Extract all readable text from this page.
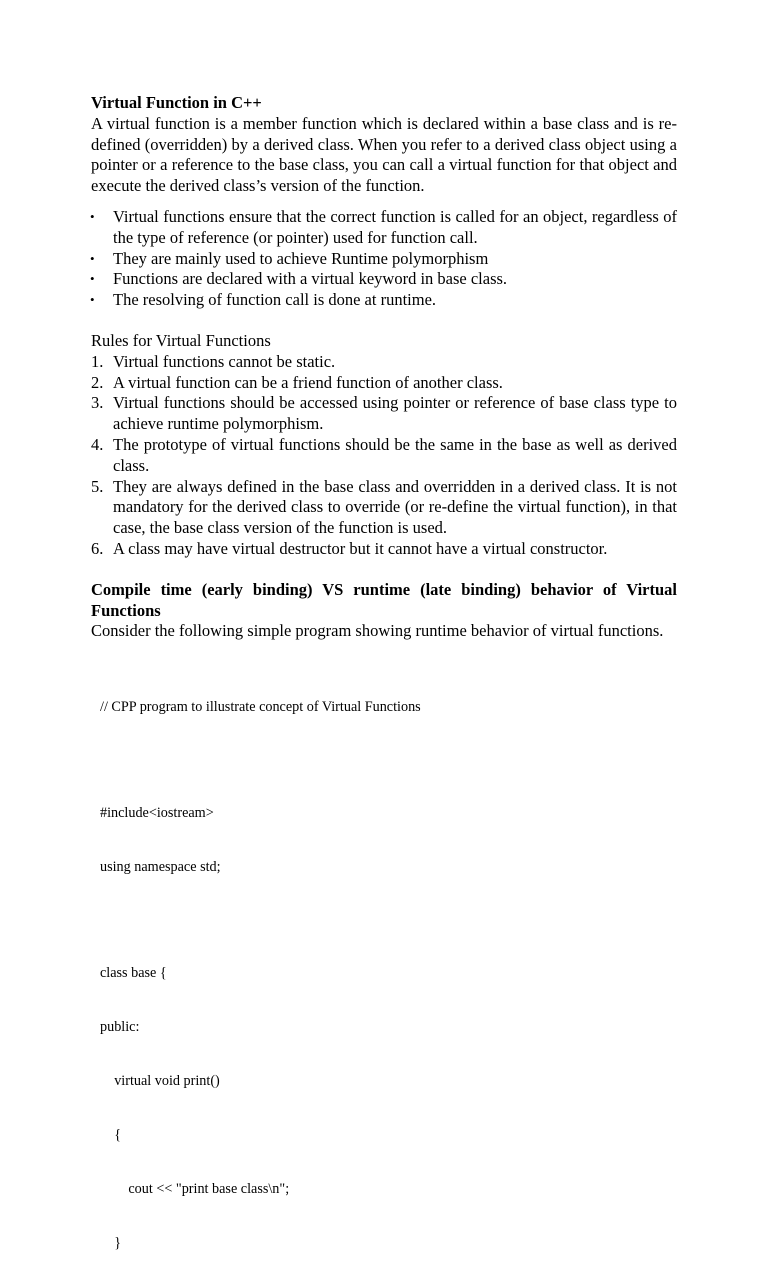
Virtual Function in C++

A virtual function is a member function which is declared within a base class and is re-defined (overridden) by a derived class. When you refer to a derived class object using a pointer or a reference to the base class, you can call a virtual function for that object and execute the derived class’s version of the function.

• Virtual functions ensure that the correct function is called for an object, regardless of the type of reference (or pointer) used for function call.
• They are mainly used to achieve Runtime polymorphism
• Functions are declared with a virtual keyword in base class.
• The resolving of function call is done at runtime.

Rules for Virtual Functions

1. Virtual functions cannot be static.
2. A virtual function can be a friend function of another class.
3. Virtual functions should be accessed using pointer or reference of base class type to achieve runtime polymorphism.
4. The prototype of virtual functions should be the same in the base as well as derived class.
5. They are always defined in the base class and overridden in a derived class. It is not mandatory for the derived class to override (or re-define the virtual function), in that case, the base class version of the function is used.
6. A class may have virtual destructor but it cannot have a virtual constructor.

Compile time (early binding) VS runtime (late binding) behavior of Virtual Functions

Consider the following simple program showing runtime behavior of virtual functions.

// CPP program to illustrate concept of Virtual Functions

#include<iostream>

using namespace std;

class base {

public:

virtual void print()

{

cout << "print base class\n";

}
